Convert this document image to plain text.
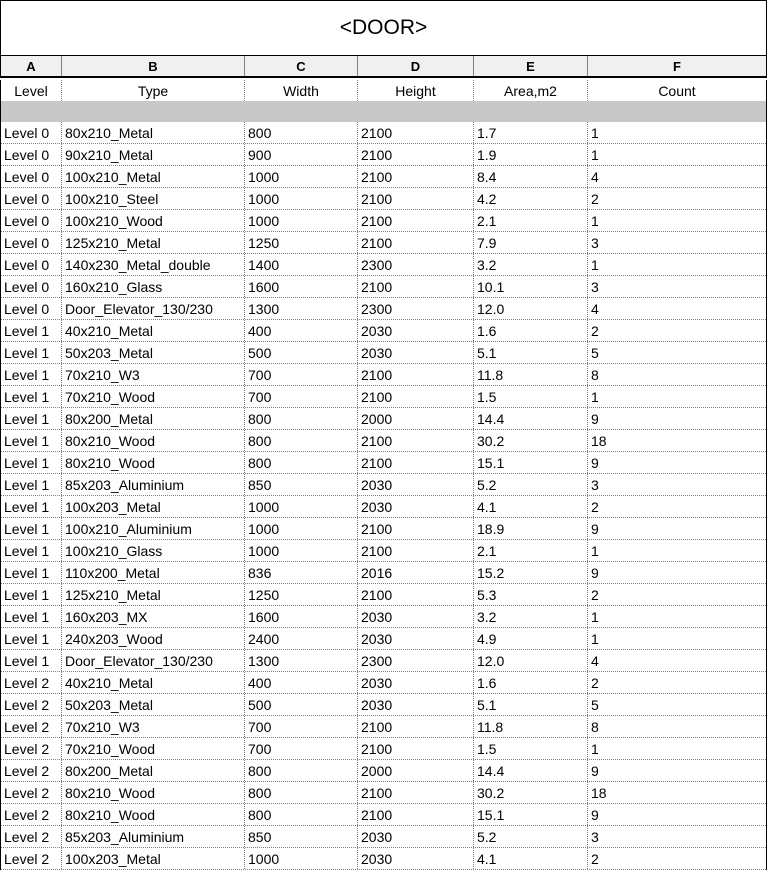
<DOOR>
A	B	C	D	E	F
Level	Type	Width	Height	Area,m2	Count
Level 0	80x210_Metal	800	2100	1.7	1
Level 0	90x210_Metal	900	2100	1.9	1
Level 0	100x210_Metal	1000	2100	8.4	4
Level 0	100x210_Steel	1000	2100	4.2	2
Level 0	100x210_Wood	1000	2100	2.1	1
Level 0	125x210_Metal	1250	2100	7.9	3
Level 0	140x230_Metal_double	1400	2300	3.2	1
Level 0	160x210_Glass	1600	2100	10.1	3
Level 0	Door_Elevator_130/230	1300	2300	12.0	4
Level 1	40x210_Metal	400	2030	1.6	2
Level 1	50x203_Metal	500	2030	5.1	5
Level 1	70x210_W3	700	2100	11.8	8
Level 1	70x210_Wood	700	2100	1.5	1
Level 1	80x200_Metal	800	2000	14.4	9
Level 1	80x210_Wood	800	2100	30.2	18
Level 1	80x210_Wood	800	2100	15.1	9
Level 1	85x203_Aluminium	850	2030	5.2	3
Level 1	100x203_Metal	1000	2030	4.1	2
Level 1	100x210_Aluminium	1000	2100	18.9	9
Level 1	100x210_Glass	1000	2100	2.1	1
Level 1	110x200_Metal	836	2016	15.2	9
Level 1	125x210_Metal	1250	2100	5.3	2
Level 1	160x203_MX	1600	2030	3.2	1
Level 1	240x203_Wood	2400	2030	4.9	1
Level 1	Door_Elevator_130/230	1300	2300	12.0	4
Level 2	40x210_Metal	400	2030	1.6	2
Level 2	50x203_Metal	500	2030	5.1	5
Level 2	70x210_W3	700	2100	11.8	8
Level 2	70x210_Wood	700	2100	1.5	1
Level 2	80x200_Metal	800	2000	14.4	9
Level 2	80x210_Wood	800	2100	30.2	18
Level 2	80x210_Wood	800	2100	15.1	9
Level 2	85x203_Aluminium	850	2030	5.2	3
Level 2	100x203_Metal	1000	2030	4.1	2
